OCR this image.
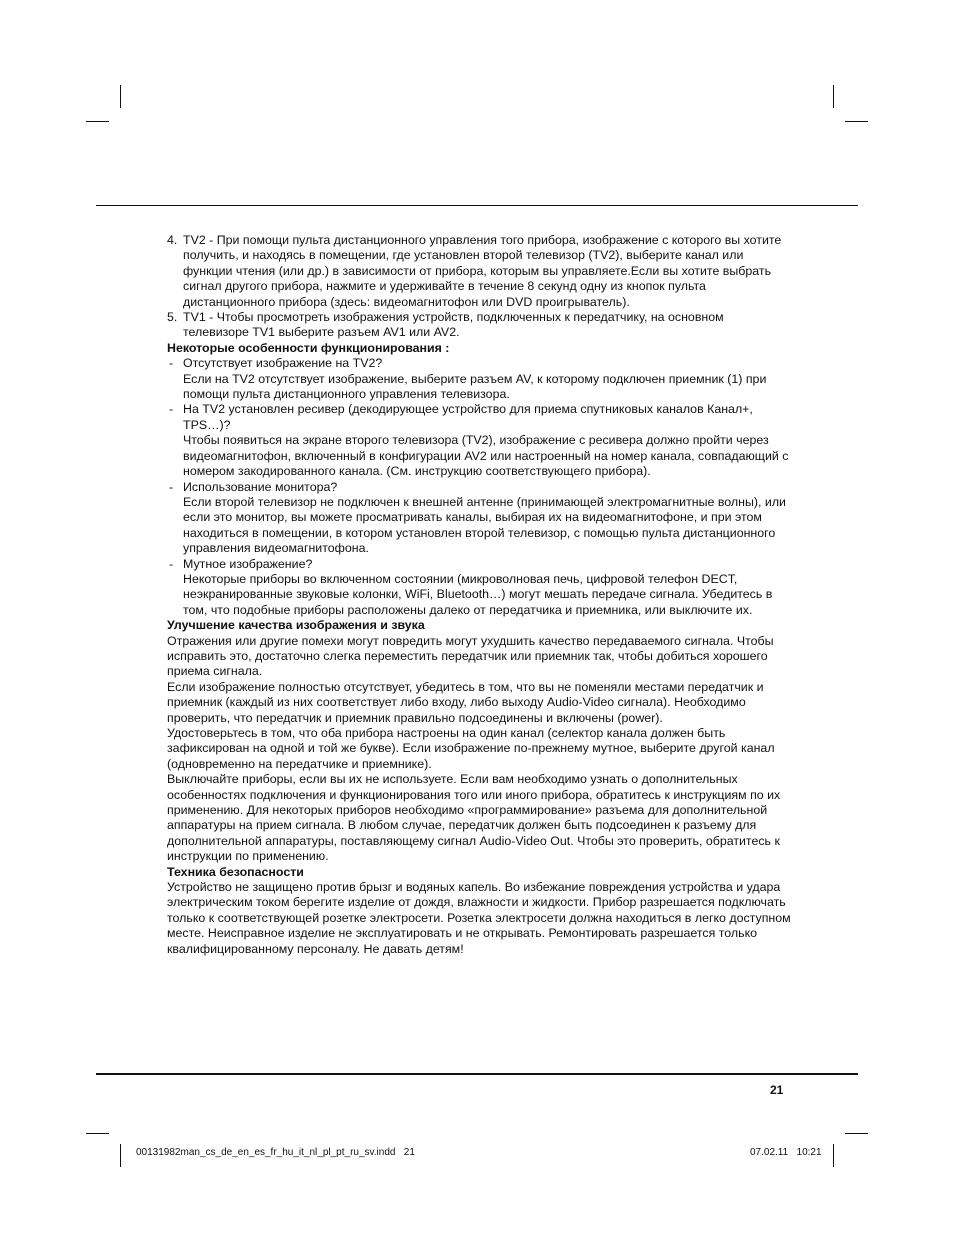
4. TV2 - При помощи пульта дистанционного управления того прибора, изображение с которого вы хотите получить, и находясь в помещении, где установлен второй телевизор (TV2), выберите канал или функции чтения (или др.) в зависимости от прибора, которым вы управляете.Если вы хотите выбрать сигнал другого прибора, нажмите и удерживайте в течение 8 секунд одну из кнопок пульта дистанционного прибора (здесь: видеомагнитофон или DVD проигрыватель).
5. TV1 - Чтобы просмотреть изображения устройств, подключенных к передатчику, на основном телевизоре TV1 выберите разъем AV1 или AV2.

Некоторые особенности функционирования :

- Отсутствует изображение на TV2?
Если на TV2 отсутствует изображение, выберите разъем AV, к которому подключен приемник (1) при помощи пульта дистанционного управления телевизора.
- На TV2 установлен ресивер (декодирующее устройство для приема спутниковых каналов Канал+, TPS…)?
Чтобы появиться на экране второго телевизора (TV2), изображение с ресивера должно пройти через видеомагнитофон, включенный в конфигурации AV2 или настроенный на номер канала, совпадающий с номером закодированного канала. (См. инструкцию соответствующего прибора).
- Использование монитора?
Если второй телевизор не подключен к внешней антенне (принимающей электромагнитные волны), или если это монитор, вы можете просматривать каналы, выбирая их на видеомагнитофоне, и при этом находиться в помещении, в котором установлен второй телевизор, с помощью пульта дистанционного управления видеомагнитофона.
- Мутное изображение?
Некоторые приборы во включенном состоянии (микроволновая печь, цифровой телефон DECT, неэкранированные звуковые колонки, WiFi, Bluetooth…) могут мешать передаче сигнала. Убедитесь в том, что подобные приборы расположены далеко от передатчика и приемника, или выключите их.

Улучшение качества изображения и звука

Отражения или другие помехи могут повредить могут ухудшить качество передаваемого сигнала. Чтобы исправить это, достаточно слегка переместить передатчик или приемник так, чтобы добиться хорошего приема сигнала.

Если изображение полностью отсутствует, убедитесь в том, что вы не поменяли местами передатчик и приемник (каждый из них соответствует либо входу, либо выходу Audio-Video сигнала). Необходимо проверить, что передатчик и приемник правильно подсоединены и включены (power).

Удостоверьтесь в том, что оба прибора настроены на один канал (селектор канала должен быть зафиксирован на одной и той же букве). Если изображение по-прежнему мутное, выберите другой канал (одновременно на передатчике и приемнике).

Выключайте приборы, если вы их не используете. Если вам необходимо узнать о дополнительных особенностях подключения и функционирования того или иного прибора, обратитесь к инструкциям по их применению. Для некоторых приборов необходимо «программирование» разъема для дополнительной аппаратуры на прием сигнала. В любом случае, передатчик должен быть подсоединен к разъему для дополнительной аппаратуры, поставляющему сигнал Audio-Video Out. Чтобы это проверить, обратитесь к инструкции по применению.

Техника безопасности

Устройство не защищено против брызг и водяных капель. Во избежание повреждения устройства и удара электрическим током берегите изделие от дождя, влажности и жидкости. Прибор разрешается подключать только к соответствующей розетке электросети. Розетка электросети должна находиться в легко доступном месте. Неисправное изделие не эксплуатировать и не открывать. Ремонтировать разрешается только квалифицированному персоналу. Не давать детям!

21
00131982man_cs_de_en_es_fr_hu_it_nl_pl_pt_ru_sv.indd   21	07.02.11   10:21
